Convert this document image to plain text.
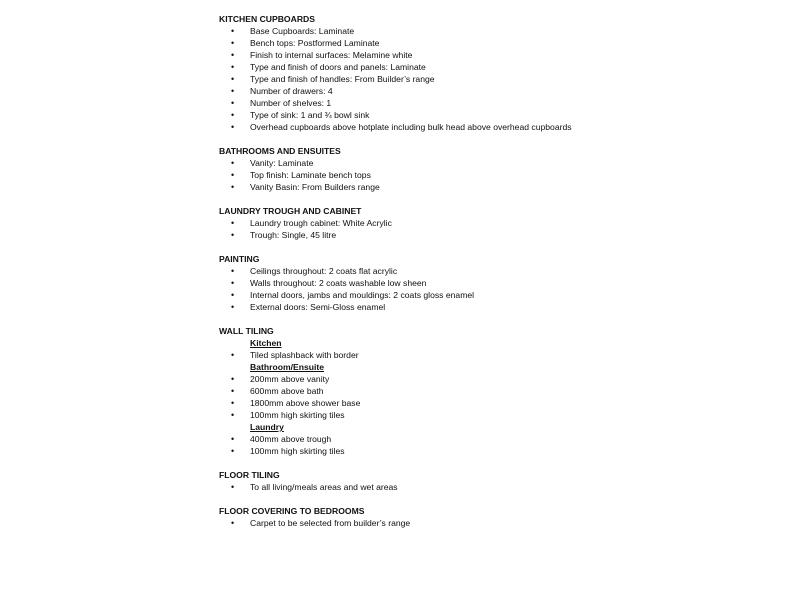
KITCHEN CUPBOARDS
• Base Cupboards: Laminate
• Bench tops: Postformed Laminate
• Finish to internal surfaces: Melamine white
• Type and finish of doors and panels: Laminate
• Type and finish of handles: From Builder’s range
• Number of drawers: 4
• Number of shelves: 1
• Type of sink: 1 and ¾ bowl sink
• Overhead cupboards above hotplate including bulk head above overhead cupboards
BATHROOMS AND ENSUITES
• Vanity: Laminate
• Top finish: Laminate bench tops
• Vanity Basin: From Builders range
LAUNDRY TROUGH AND CABINET
• Laundry trough cabinet: White Acrylic
• Trough: Single, 45 litre
PAINTING
• Ceilings throughout: 2 coats flat acrylic
• Walls throughout: 2 coats washable low sheen
• Internal doors, jambs and mouldings: 2 coats gloss enamel
• External doors: Semi-Gloss enamel
WALL TILING
Kitchen
• Tiled splashback with border
Bathroom/Ensuite
• 200mm above vanity
• 600mm above bath
• 1800mm above shower base
• 100mm high skirting tiles
Laundry
• 400mm above trough
• 100mm high skirting tiles
FLOOR TILING
• To all living/meals areas and wet areas
FLOOR COVERING TO BEDROOMS
• Carpet to be selected from builder’s range
